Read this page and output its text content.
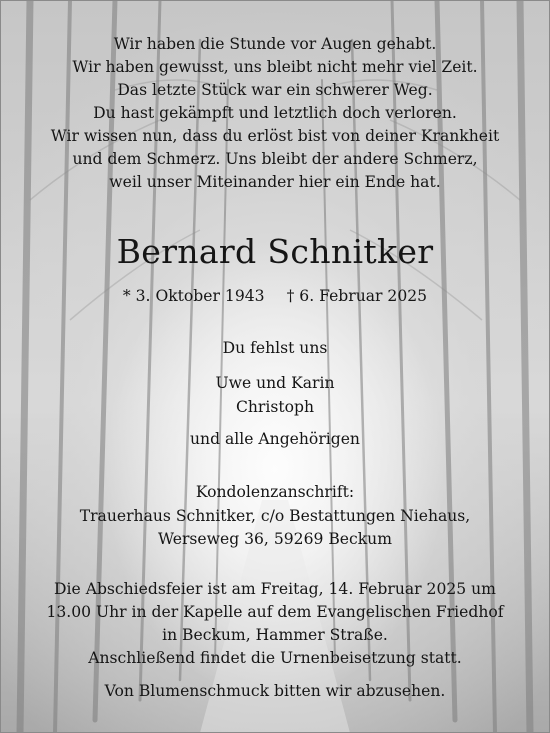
Wir haben die Stunde vor Augen gehabt.
Wir haben gewusst, uns bleibt nicht mehr viel Zeit.
Das letzte Stück war ein schwerer Weg.
Du hast gekämpft und letztlich doch verloren.
Wir wissen nun, dass du erlöst bist von deiner Krankheit
und dem Schmerz. Uns bleibt der andere Schmerz,
weil unser Miteinander hier ein Ende hat.
Bernard Schnitker
* 3. Oktober 1943 † 6. Februar 2025
Du fehlst uns
Uwe und Karin
Christoph
und alle Angehörigen
Kondolenzanschrift:
Trauerhaus Schnitker, c/o Bestattungen Niehaus,
Werseweg 36, 59269 Beckum
Die Abschiedsfeier ist am Freitag, 14. Februar 2025 um
13.00 Uhr in der Kapelle auf dem Evangelischen Friedhof
in Beckum, Hammer Straße.
Anschließend findet die Urnenbeisetzung statt.
Von Blumenschmuck bitten wir abzusehen.
